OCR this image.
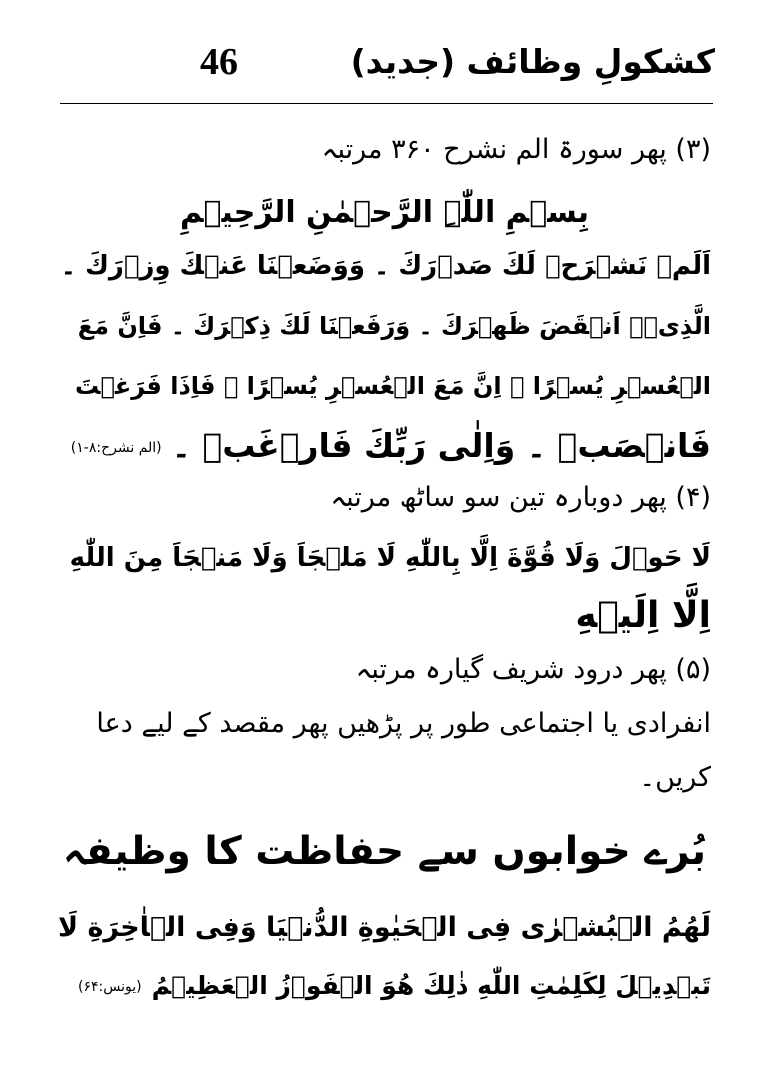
46	کشکولِ وظائف (جدید)
(۳) پھر سورۃ الم نشرح ۳۶۰ مرتبہ
بِسۡمِ اللّٰہِ الرَّحۡمٰنِ الرَّحِیۡمِ
اَلَمۡ نَشۡرَحۡ لَكَ صَدۡرَكَ ۔ وَوَضَعۡنَا عَنۡكَ وِزۡرَكَ ۔
الَّذِیۡۤ اَنۡقَضَ ظَهۡرَكَ ۔ وَرَفَعۡنَا لَكَ ذِكۡرَكَ ۔ فَاِنَّ مَعَ
الۡعُسۡرِ يُسۡرًا ۔ اِنَّ مَعَ الۡعُسۡرِ يُسۡرًا ۔ فَاِذَا فَرَغۡتَ
فَانۡصَبۡ ۔ وَاِلٰى رَبِّكَ فَارۡغَبۡ ۔(الم نشرح:۸-۱)
(۴) پھر دوبارہ تین سو ساٹھ مرتبہ
لَا حَوۡلَ وَلَا قُوَّةَ اِلَّا بِاللّٰهِ لَا مَلۡجَاَ وَلَا مَنۡجَاَ مِنَ اللّٰهِ
اِلَّا اِلَيۡهِ
(۵) پھر درود شریف گیارہ مرتبہ
انفرادی یا اجتماعی طور پر پڑھیں پھر مقصد کے لیے دعا
کریں۔
بُرے خوابوں سے حفاظت کا وظیفہ
لَهُمُ الۡبُشۡرٰى فِى الۡحَيٰوةِ الدُّنۡيَا وَفِى الۡاٰخِرَةِ لَا
تَبۡدِيۡلَ لِكَلِمٰتِ اللّٰهِ ذٰلِكَ هُوَ الۡفَوۡزُ الۡعَظِيۡمُ(یونس:۶۴)
